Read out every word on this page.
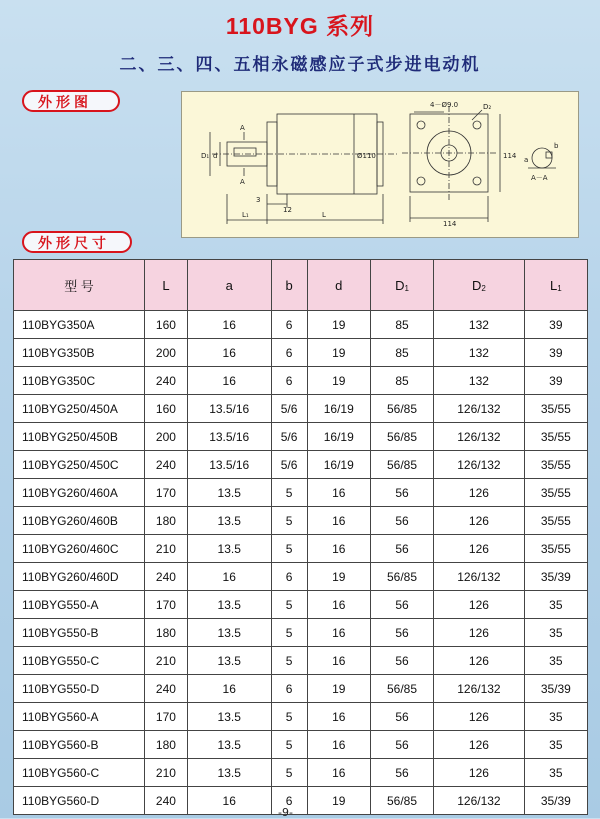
110BYG 系列
二、三、四、五相永磁感应子式步进电动机
外形图	4－Ø9.0	D₂
D₁ d
A
A
Ø110	114
114
3
12
L₁	L
a
b
A－A
外形尺寸
型 号	L	a	b	d	$D_1$	$D_2$	$L_1$
110BYG350A	160	16	6	19	85	132	39
110BYG350B	200	16	6	19	85	132	39
110BYG350C	240	16	6	19	85	132	39
110BYG250/450A	160	13.5/16	5/6	16/19	56/85	126/132	35/55
110BYG250/450B	200	13.5/16	5/6	16/19	56/85	126/132	35/55
110BYG250/450C	240	13.5/16	5/6	16/19	56/85	126/132	35/55
110BYG260/460A	170	13.5	5	16	56	126	35/55
110BYG260/460B	180	13.5	5	16	56	126	35/55
110BYG260/460C	210	13.5	5	16	56	126	35/55
110BYG260/460D	240	16	6	19	56/85	126/132	35/39
110BYG550-A	170	13.5	5	16	56	126	35
110BYG550-B	180	13.5	5	16	56	126	35
110BYG550-C	210	13.5	5	16	56	126	35
110BYG550-D	240	16	6	19	56/85	126/132	35/39
110BYG560-A	170	13.5	5	16	56	126	35
110BYG560-B	180	13.5	5	16	56	126	35
110BYG560-C	210	13.5	5	16	56	126	35
110BYG560-D	240	16	6	19	56/85	126/132	35/39
-9-
